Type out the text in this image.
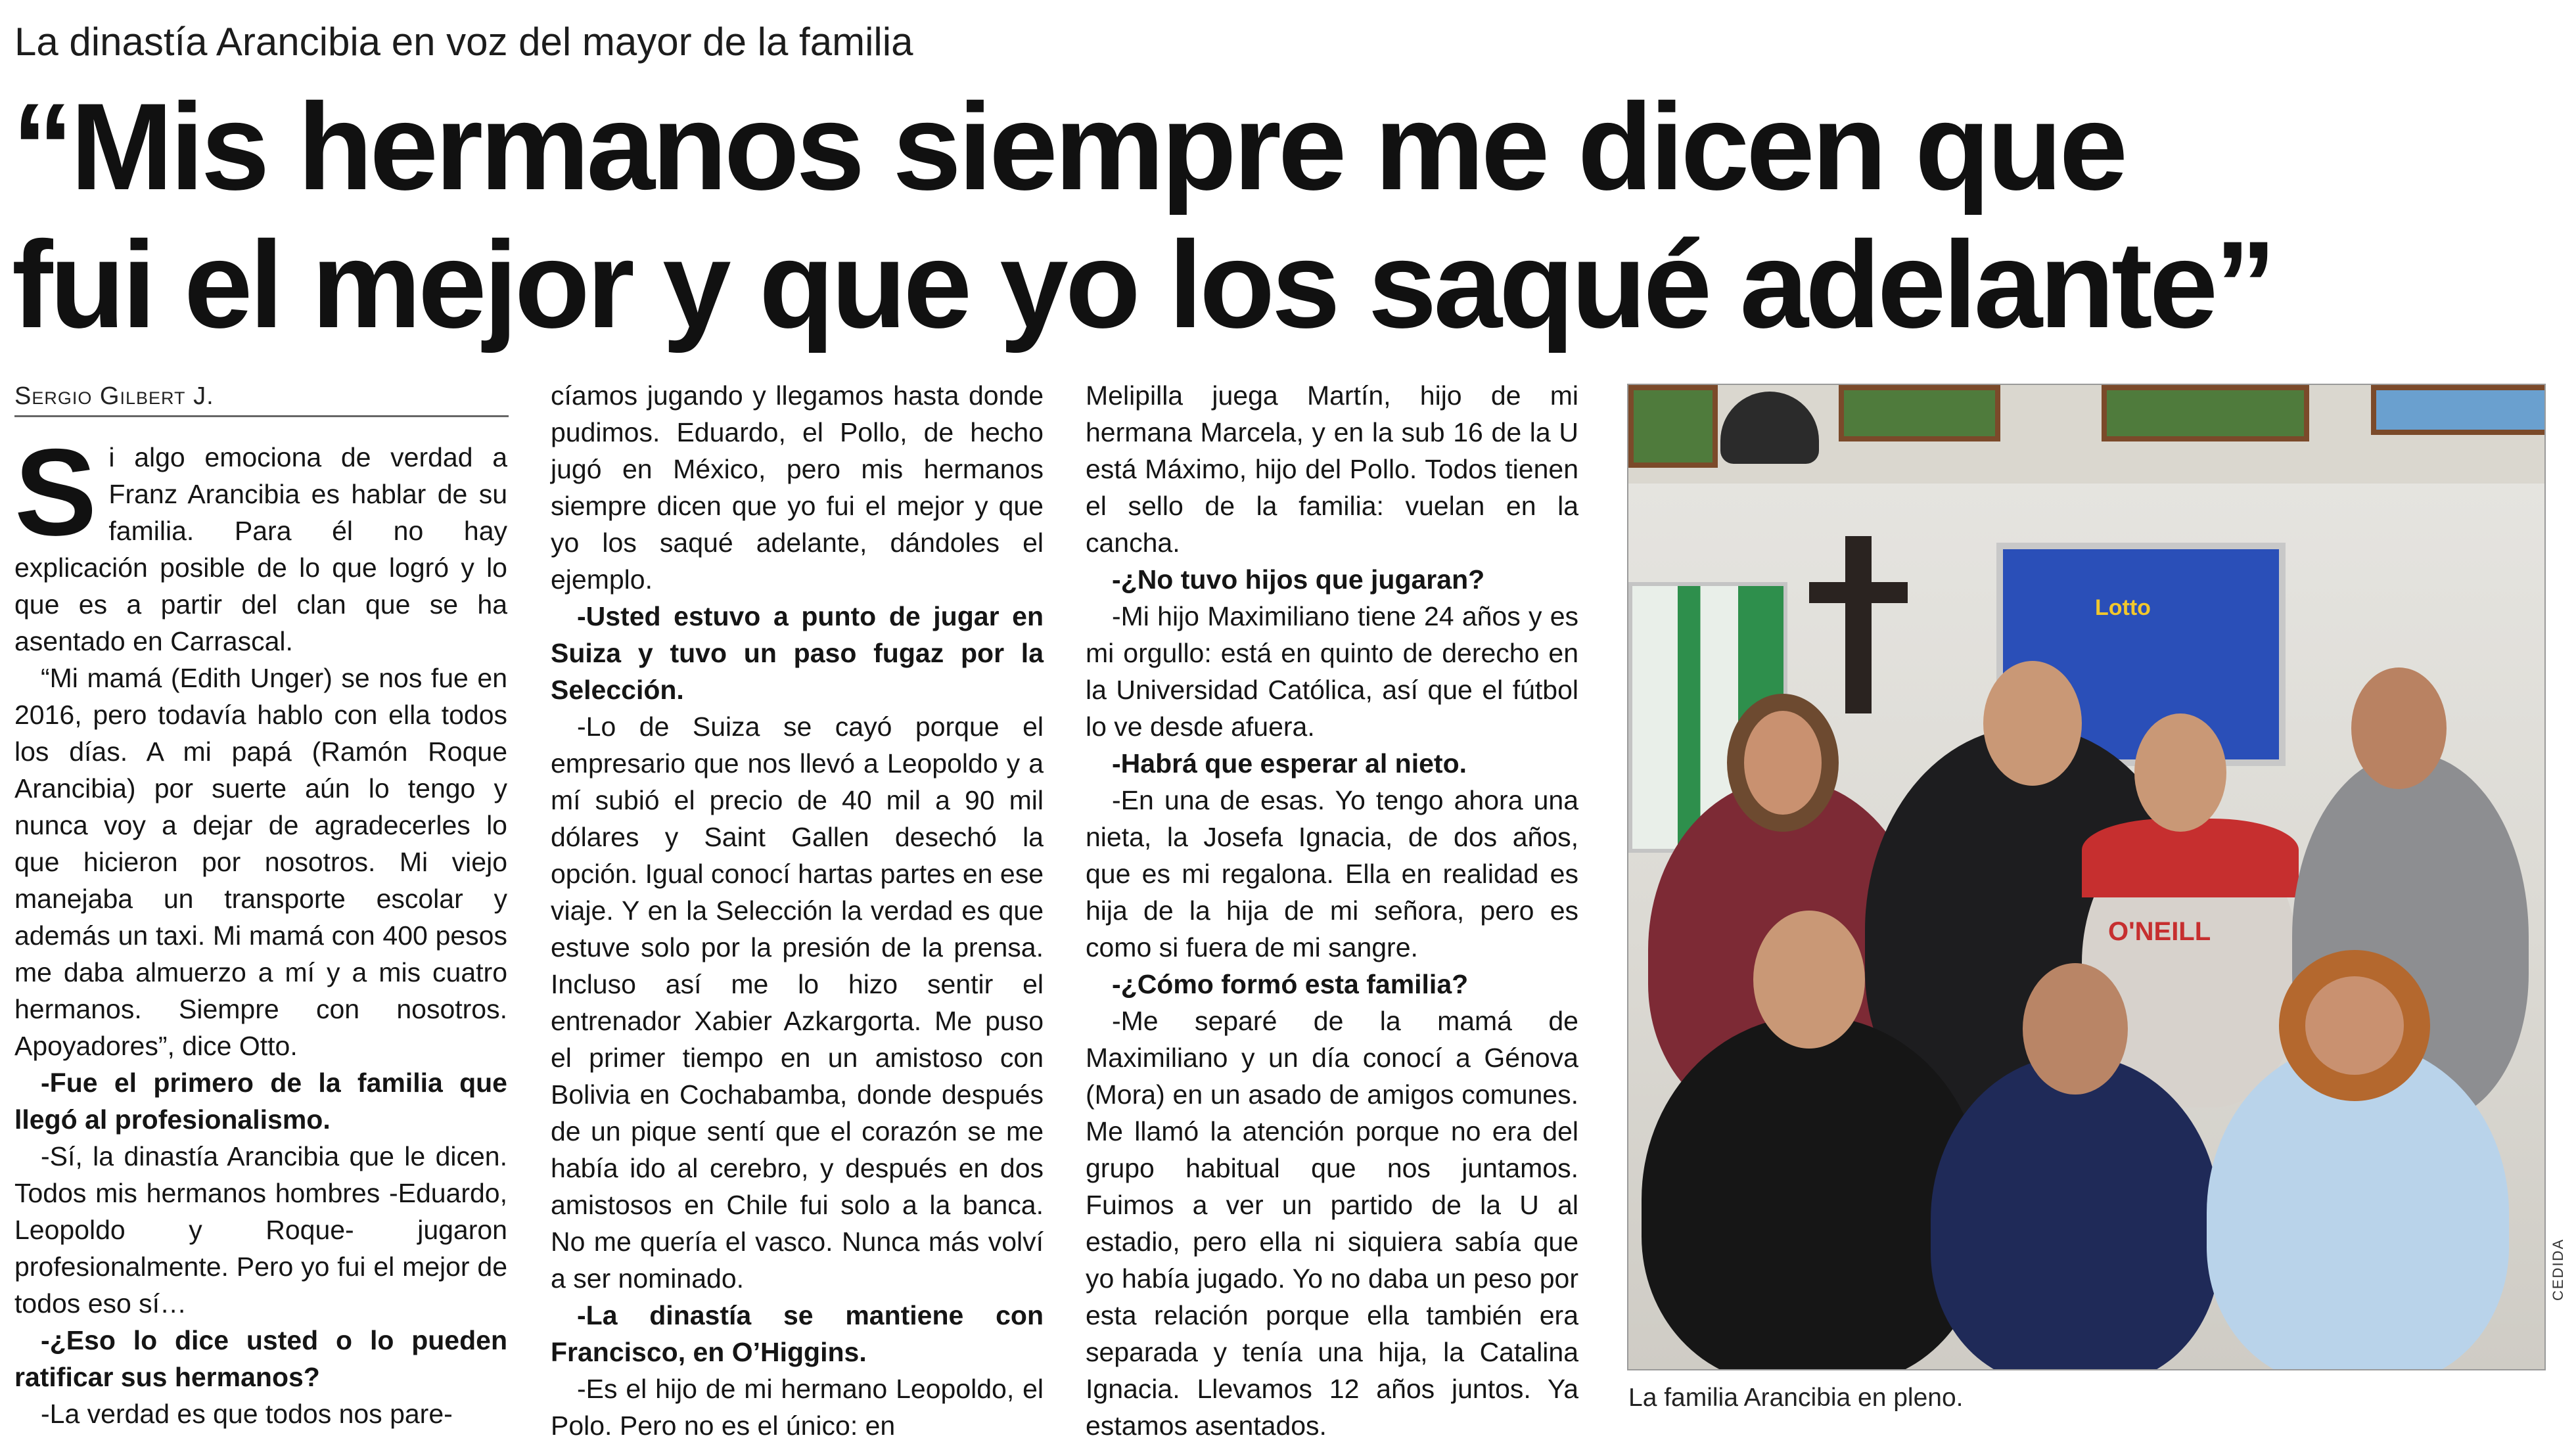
La dinastía Arancibia en voz del mayor de la familia
“Mis hermanos siempre me dicen que
fui el mejor y que yo los saqué adelante”
Sergio Gilbert J.

Si algo emociona de verdad a Franz Arancibia es hablar de su familia. Para él no hay explicación posible de lo que logró y lo que es a partir del clan que se ha asentado en Carrascal.

“Mi mamá (Edith Unger) se nos fue en 2016, pero todavía hablo con ella todos los días. A mi papá (Ramón Roque Arancibia) por suerte aún lo tengo y nunca voy a dejar de agradecerles lo que hicieron por nosotros. Mi viejo manejaba un transporte escolar y además un taxi. Mi mamá con 400 pesos me daba almuerzo a mí y a mis cuatro hermanos. Siempre con nosotros. Apoyadores”, dice Otto.

-Fue el primero de la familia que llegó al profesionalismo.

-Sí, la dinastía Arancibia que le dicen. Todos mis hermanos hombres -Eduardo, Leopoldo y Roque- jugaron profesionalmente. Pero yo fui el mejor de todos eso sí…

-¿Eso lo dice usted o lo pueden ratificar sus hermanos?

-La verdad es que todos nos pare-

cíamos jugando y llegamos hasta donde pudimos. Eduardo, el Pollo, de hecho jugó en México, pero mis hermanos siempre dicen que yo fui el mejor y que yo los saqué adelante, dándoles el ejemplo.

-Usted estuvo a punto de jugar en Suiza y tuvo un paso fugaz por la Selección.

-Lo de Suiza se cayó porque el empresario que nos llevó a Leopoldo y a mí subió el precio de 40 mil a 90 mil dólares y Saint Gallen desechó la opción. Igual conocí hartas partes en ese viaje. Y en la Selección la verdad es que estuve solo por la presión de la prensa. Incluso así me lo hizo sentir el entrenador Xabier Azkargorta. Me puso el primer tiempo en un amistoso con Bolivia en Cochabamba, donde después de un pique sentí que el corazón se me había ido al cerebro, y después en dos amistosos en Chile fui solo a la banca. No me quería el vasco. Nunca más volví a ser nominado.

-La dinastía se mantiene con Francisco, en O’Higgins.

-Es el hijo de mi hermano Leopoldo, el Polo. Pero no es el único: en

Melipilla juega Martín, hijo de mi hermana Marcela, y en la sub 16 de la U está Máximo, hijo del Pollo. Todos tienen el sello de la familia: vuelan en la cancha.

-¿No tuvo hijos que jugaran?

-Mi hijo Maximiliano tiene 24 años y es mi orgullo: está en quinto de derecho en la Universidad Católica, así que el fútbol lo ve desde afuera.

-Habrá que esperar al nieto.

-En una de esas. Yo tengo ahora una nieta, la Josefa Ignacia, de dos años, que es mi regalona. Ella en realidad es hija de la hija de mi señora, pero es como si fuera de mi sangre.

-¿Cómo formó esta familia?

-Me separé de la mamá de Maximiliano y un día conocí a Génova (Mora) en un asado de amigos comunes. Me llamó la atención porque no era del grupo habitual que nos juntamos. Fuimos a ver un partido de la U al estadio, pero ella ni siquiera sabía que yo había jugado. Yo no daba un peso por esta relación porque ella también era separada y tenía una hija, la Catalina Ignacia. Llevamos 12 años juntos. Ya estamos asentados.

Lotto
O'NEILL
La familia Arancibia en pleno.
CEDIDA
